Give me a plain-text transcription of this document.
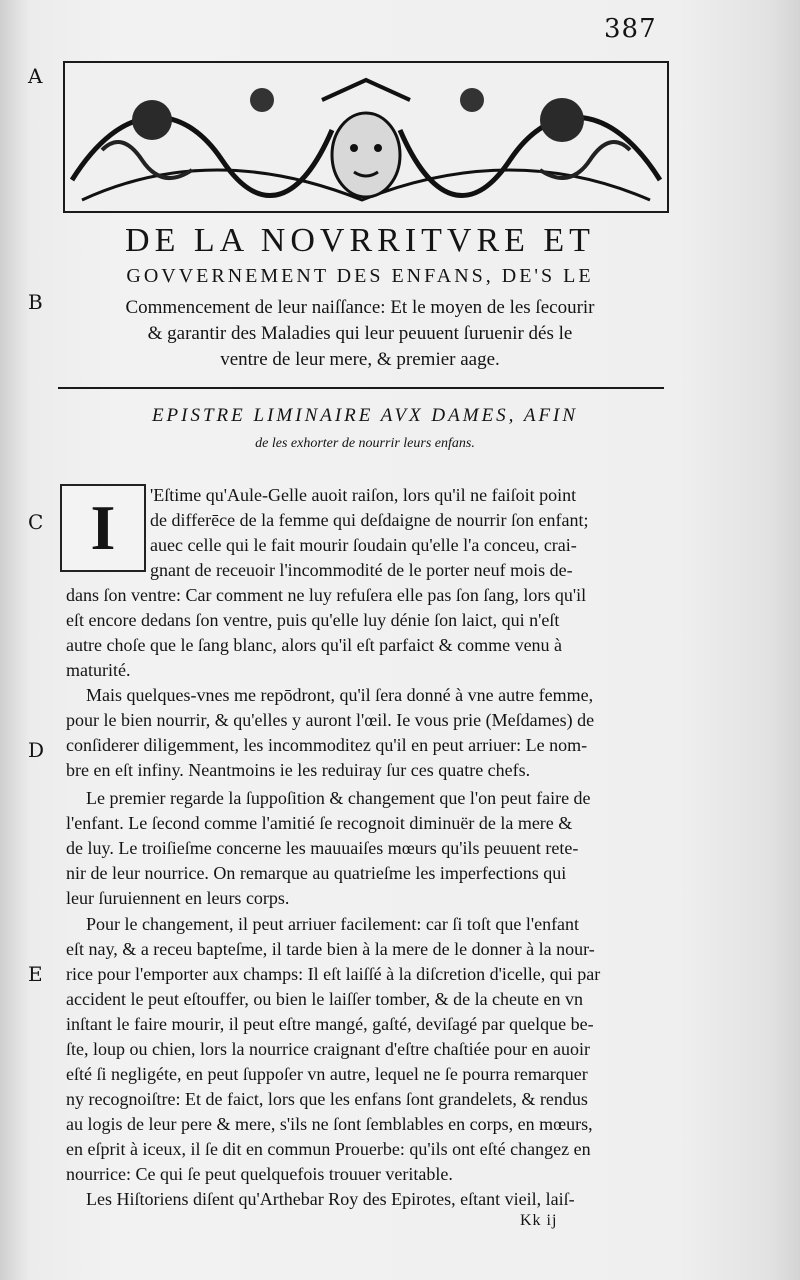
387
A
B
C
D
E
DE LA NOVRRITVRE ET
GOVVERNEMENT DES ENFANS, DE'S LE
Commencement de leur naiſſance: Et le moyen de les ſecourir
& garantir des Maladies qui leur peuuent ſuruenir dés le
ventre de leur mere, & premier aage.
EPISTRE LIMINAIRE AVX DAMES, AFIN
de les exhorter de nourrir leurs enfans.
I	'Eſtime qu'Aule-Gelle auoit raiſon, lors qu'il ne faiſoit point
de differēce de la femme qui deſdaigne de nourrir ſon enfant;
auec celle qui le fait mourir ſoudain qu'elle l'a conceu, crai-
gnant de receuoir l'incommodité de le porter neuf mois de-
dans ſon ventre: Car comment ne luy refuſera elle pas ſon ſang, lors qu'il
eſt encore dedans ſon ventre, puis qu'elle luy dénie ſon laict, qui n'eſt
autre choſe que le ſang blanc, alors qu'il eſt parfaict & comme venu à
maturité.
Mais quelques-vnes me repōdront, qu'il ſera donné à vne autre femme,
pour le bien nourrir, & qu'elles y auront l'œil. Ie vous prie (Meſdames) de
conſiderer diligemment, les incommoditez qu'il en peut arriuer: Le nom-
bre en eſt infiny. Neantmoins ie les reduiray ſur ces quatre chefs.
Le premier regarde la ſuppoſition & changement que l'on peut faire de
l'enfant. Le ſecond comme l'amitié ſe recognoit diminuër de la mere &
de luy. Le troiſieſme concerne les mauuaiſes mœurs qu'ils peuuent rete-
nir de leur nourrice. On remarque au quatrieſme les imperfections qui
leur ſuruiennent en leurs corps.
Pour le changement, il peut arriuer facilement: car ſi toſt que l'enfant
eſt nay, & a receu bapteſme, il tarde bien à la mere de le donner à la nour-
rice pour l'emporter aux champs: Il eſt laiſſé à la diſcretion d'icelle, qui par
accident le peut eſtouffer, ou bien le laiſſer tomber, & de la cheute en vn
inſtant le faire mourir, il peut eſtre mangé, gaſté, deviſagé par quelque be-
ſte, loup ou chien, lors la nourrice craignant d'eſtre chaſtiée pour en auoir
eſté ſi negligéte, en peut ſuppoſer vn autre, lequel ne ſe pourra remarquer
ny recognoiſtre: Et de faict, lors que les enfans ſont grandelets, & rendus
au logis de leur pere & mere, s'ils ne ſont ſemblables en corps, en mœurs,
en eſprit à iceux, il ſe dit en commun Prouerbe: qu'ils ont eſté changez en
nourrice: Ce qui ſe peut quelquefois trouuer veritable.
Les Hiſtoriens diſent qu'Arthebar Roy des Epirotes, eſtant vieil, laiſ-
Kk ij
